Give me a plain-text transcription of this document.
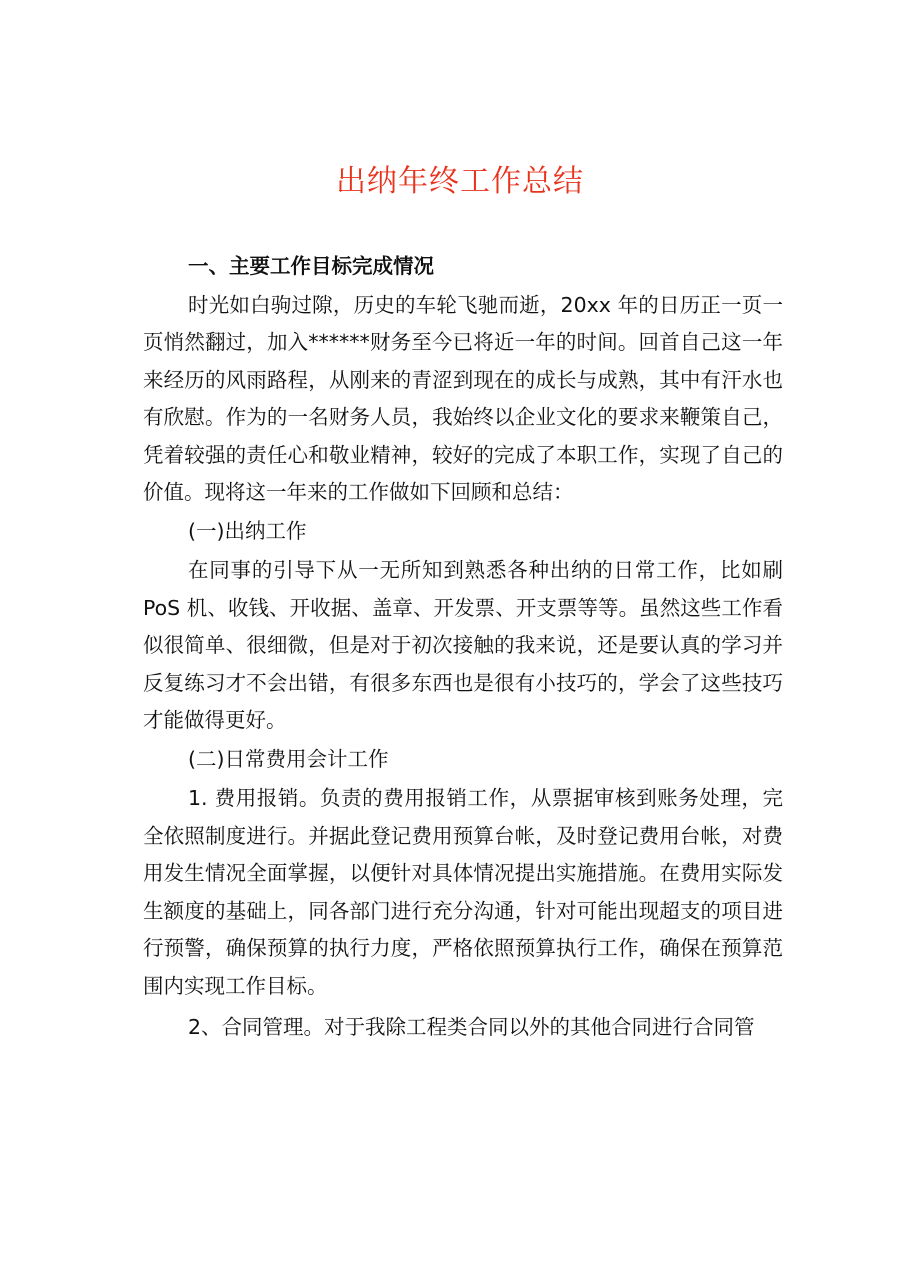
出纳年终工作总结

一、主要工作目标完成情况

时光如白驹过隙，历史的车轮飞驰而逝，20xx 年的日历正一页一页悄然翻过，加入******财务至今已将近一年的时间。回首自己这一年来经历的风雨路程，从刚来的青涩到现在的成长与成熟，其中有汗水也有欣慰。作为的一名财务人员，我始终以企业文化的要求来鞭策自己，凭着较强的责任心和敬业精神，较好的完成了本职工作，实现了自己的价值。现将这一年来的工作做如下回顾和总结：

(一)出纳工作

在同事的引导下从一无所知到熟悉各种出纳的日常工作，比如刷 PoS 机、收钱、开收据、盖章、开发票、开支票等等。虽然这些工作看似很简单、很细微，但是对于初次接触的我来说，还是要认真的学习并反复练习才不会出错，有很多东西也是很有小技巧的，学会了这些技巧才能做得更好。

(二)日常费用会计工作

1. 费用报销。负责的费用报销工作，从票据审核到账务处理，完全依照制度进行。并据此登记费用预算台帐，及时登记费用台帐，对费用发生情况全面掌握，以便针对具体情况提出实施措施。在费用实际发生额度的基础上，同各部门进行充分沟通，针对可能出现超支的项目进行预警，确保预算的执行力度，严格依照预算执行工作，确保在预算范围内实现工作目标。

2、合同管理。对于我除工程类合同以外的其他合同进行合同管
